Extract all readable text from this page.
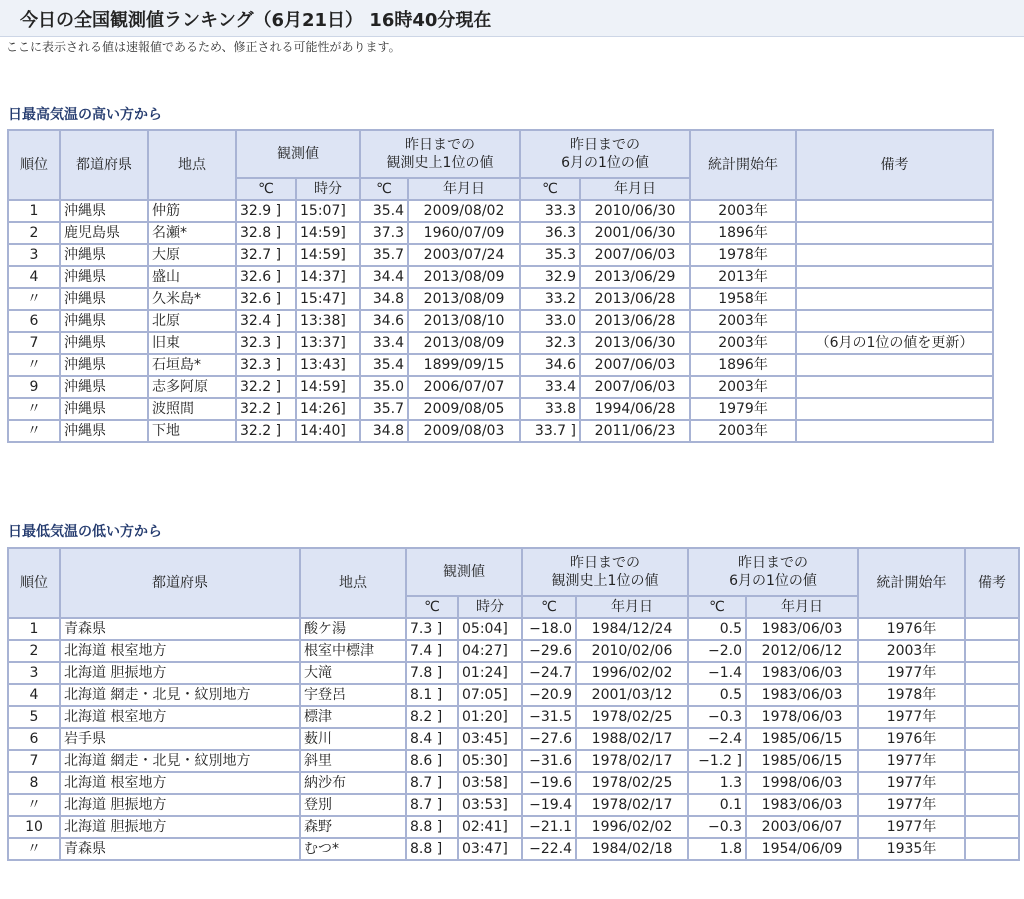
今日の全国観測値ランキング（6月21日） 16時40分現在
ここに表示される値は速報値であるため、修正される可能性があります。
日最高気温の高い方から
順位	都道府県	地点	観測値		昨日までの
観測史上1位の値		昨日までの
6月の1位の値		統計開始年	備考
			℃	時分	℃	年月日	℃	年月日		
1	沖縄県	仲筋	32.9 ]	15:07]	35.4	2009/08/02	33.3	2010/06/30	2003年	
2	鹿児島県	名瀬*	32.8 ]	14:59]	37.3	1960/07/09	36.3	2001/06/30	1896年	
3	沖縄県	大原	32.7 ]	14:59]	35.7	2003/07/24	35.3	2007/06/03	1978年	
4	沖縄県	盛山	32.6 ]	14:37]	34.4	2013/08/09	32.9	2013/06/29	2013年	
〃	沖縄県	久米島*	32.6 ]	15:47]	34.8	2013/08/09	33.2	2013/06/28	1958年	
6	沖縄県	北原	32.4 ]	13:38]	34.6	2013/08/10	33.0	2013/06/28	2003年	
7	沖縄県	旧東	32.3 ]	13:37]	33.4	2013/08/09	32.3	2013/06/30	2003年	（6月の1位の値を更新）
〃	沖縄県	石垣島*	32.3 ]	13:43]	35.4	1899/09/15	34.6	2007/06/03	1896年	
9	沖縄県	志多阿原	32.2 ]	14:59]	35.0	2006/07/07	33.4	2007/06/03	2003年	
〃	沖縄県	波照間	32.2 ]	14:26]	35.7	2009/08/05	33.8	1994/06/28	1979年	
〃	沖縄県	下地	32.2 ]	14:40]	34.8	2009/08/03	33.7 ]	2011/06/23	2003年	
日最低気温の低い方から
順位	都道府県	地点	観測値		昨日までの
観測史上1位の値		昨日までの
6月の1位の値		統計開始年	備考
			℃	時分	℃	年月日	℃	年月日		
1	青森県	酸ケ湯	7.3 ]	05:04]	−18.0	1984/12/24	0.5	1983/06/03	1976年	
2	北海道 根室地方	根室中標津	7.4 ]	04:27]	−29.6	2010/02/06	−2.0	2012/06/12	2003年	
3	北海道 胆振地方	大滝	7.8 ]	01:24]	−24.7	1996/02/02	−1.4	1983/06/03	1977年	
4	北海道 網走・北見・紋別地方	宇登呂	8.1 ]	07:05]	−20.9	2001/03/12	0.5	1983/06/03	1978年	
5	北海道 根室地方	標津	8.2 ]	01:20]	−31.5	1978/02/25	−0.3	1978/06/03	1977年	
6	岩手県	薮川	8.4 ]	03:45]	−27.6	1988/02/17	−2.4	1985/06/15	1976年	
7	北海道 網走・北見・紋別地方	斜里	8.6 ]	05:30]	−31.6	1978/02/17	−1.2 ]	1985/06/15	1977年	
8	北海道 根室地方	納沙布	8.7 ]	03:58]	−19.6	1978/02/25	1.3	1998/06/03	1977年	
〃	北海道 胆振地方	登別	8.7 ]	03:53]	−19.4	1978/02/17	0.1	1983/06/03	1977年	
10	北海道 胆振地方	森野	8.8 ]	02:41]	−21.1	1996/02/02	−0.3	2003/06/07	1977年	
〃	青森県	むつ*	8.8 ]	03:47]	−22.4	1984/02/18	1.8	1954/06/09	1935年	
